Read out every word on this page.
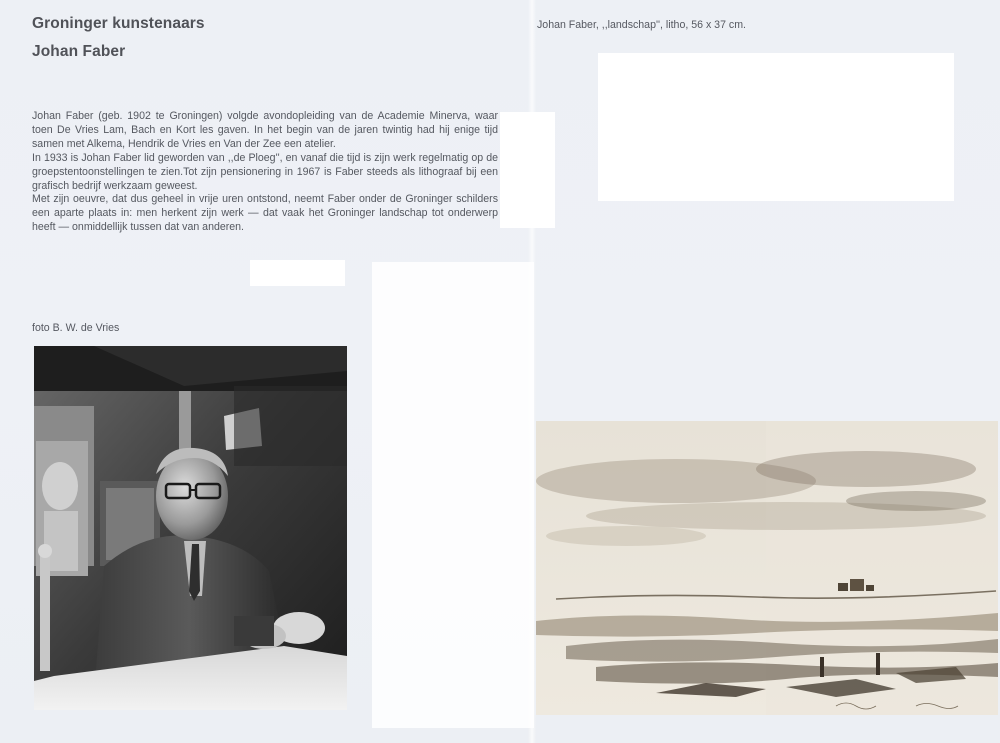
Groninger kunstenaars
Johan Faber

Johan Faber (geb. 1902 te Groningen) volgde avondopleiding van de Academie Minerva, waar toen De Vries Lam, Bach en Kort les gaven. In het begin van de jaren twintig had hij enige tijd samen met Alkema, Hendrik de Vries en Van der Zee een atelier.

In 1933 is Johan Faber lid geworden van ,,de Ploeg'', en vanaf die tijd is zijn werk regelmatig op de groepstentoonstellingen te zien.Tot zijn pensionering in 1967 is Faber steeds als lithograaf bij een grafisch bedrijf werkzaam geweest.

Met zijn oeuvre, dat dus geheel in vrije uren ontstond, neemt Faber onder de Groninger schilders een aparte plaats in: men herkent zijn werk — dat vaak het Groninger landschap tot onderwerp heeft — onmiddellijk tussen dat van anderen.

foto B. W. de Vries
Johan Faber, ,,landschap'', litho, 56 x 37 cm.
